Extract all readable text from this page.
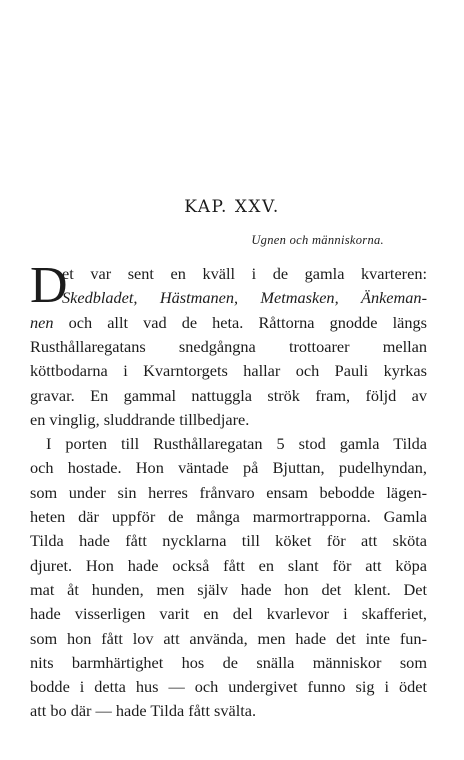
KAP. XXV.
Ugnen och människorna.
D
et var sent en kväll i de gamla kvarteren:
Skedbladet, Hästmanen, Metmasken, Änkeman-
nen och allt vad de heta. Råttorna gnodde längs
Rusthållaregatans snedgångna trottoarer mellan
köttbodarna i Kvarntorgets hallar och Pauli kyrkas
gravar. En gammal nattuggla strök fram, följd av
en vinglig, sluddrande tillbedjare.
I porten till Rusthållaregatan 5 stod gamla Tilda
och hostade. Hon väntade på Bjuttan, pudelhyndan,
som under sin herres frånvaro ensam bebodde lägen-
heten där uppför de många marmortrapporna. Gamla
Tilda hade fått nycklarna till köket för att sköta
djuret. Hon hade också fått en slant för att köpa
mat åt hunden, men själv hade hon det klent. Det
hade visserligen varit en del kvarlevor i skafferiet,
som hon fått lov att använda, men hade det inte fun-
nits barmhärtighet hos de snälla människor som
bodde i detta hus — och undergivet funno sig i ödet
att bo där — hade Tilda fått svälta.
